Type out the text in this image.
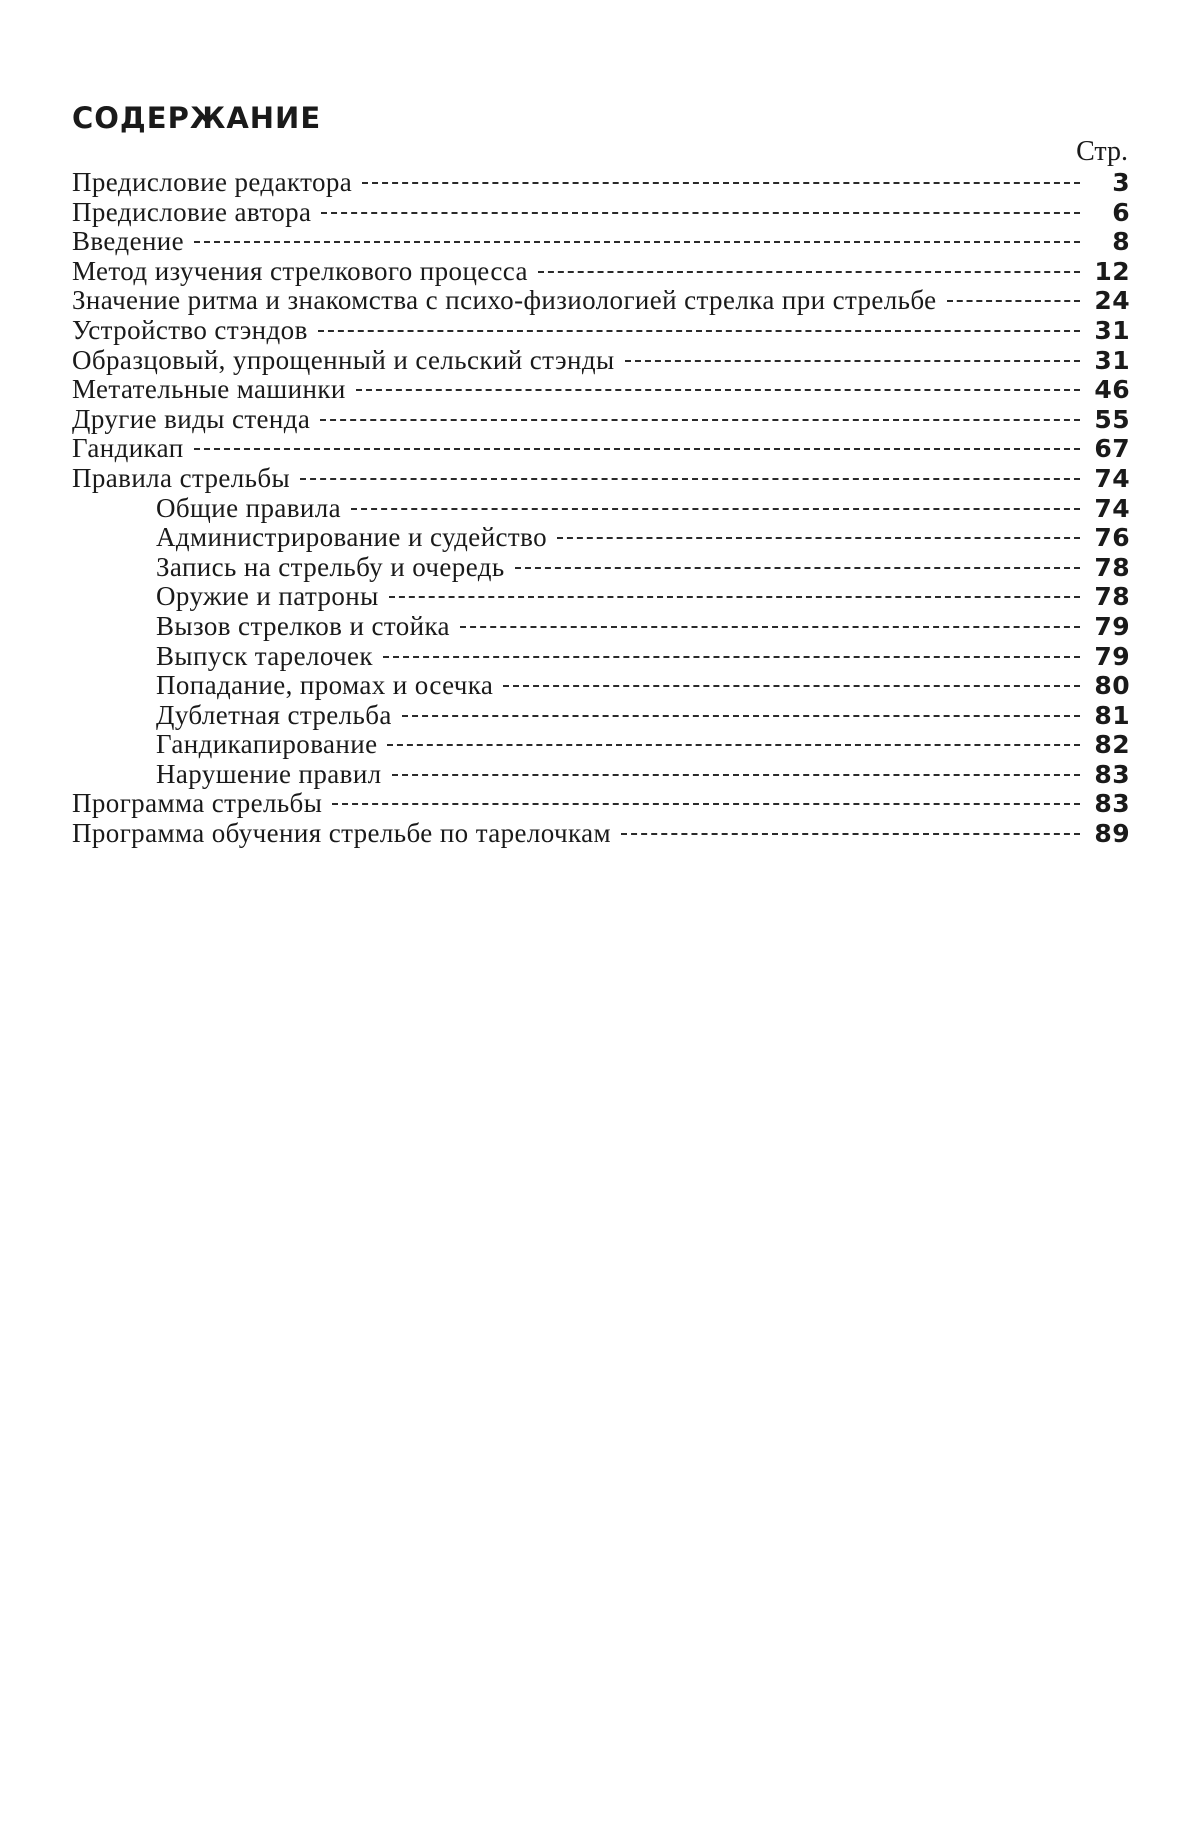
СОДЕРЖАНИЕ
Стр.
Предисловие редактора	3
Предисловие автора	6
Введение	8
Метод изучения стрелкового процесса	12
Значение ритма и знакомства с психо-физиологией стрелка при стрельбе	24
Устройство стэндов	31
Образцовый, упрощенный и сельский стэнды	31
Метательные машинки	46
Другие виды стенда	55
Гандикап	67
Правила стрельбы	74
Общие правила	74
Администрирование и судейство	76
Запись на стрельбу и очередь	78
Оружие и патроны	78
Вызов стрелков и стойка	79
Выпуск тарелочек	79
Попадание, промах и осечка	80
Дублетная стрельба	81
Гандикапирование	82
Нарушение правил	83
Программа стрельбы	83
Программа обучения стрельбе по тарелочкам	89
